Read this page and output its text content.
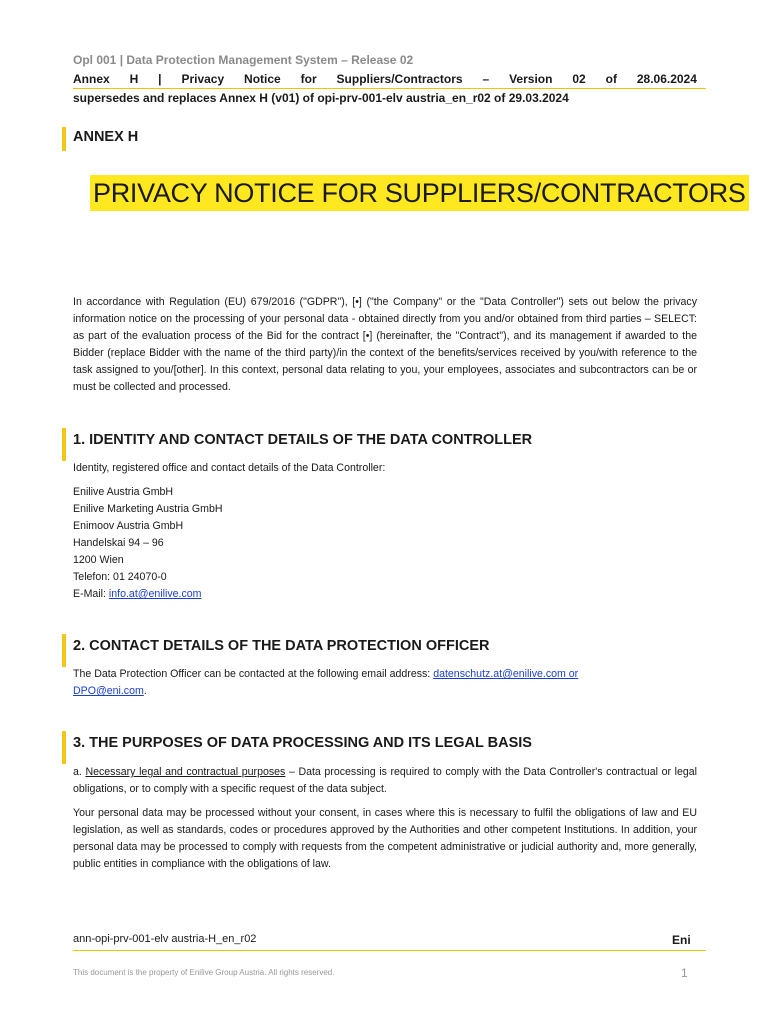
Opl 001 | Data Protection Management System – Release 02
Annex H | Privacy Notice for Suppliers/Contractors – Version 02 of 28.06.2024
supersedes and replaces Annex H (v01) of opi-prv-001-elv austria_en_r02 of 29.03.2024
ANNEX H
PRIVACY NOTICE FOR SUPPLIERS/CONTRACTORS
In accordance with Regulation (EU) 679/2016 ("GDPR"), [•] ("the Company" or the "Data Controller") sets out below the privacy information notice on the processing of your personal data - obtained directly from you and/or obtained from third parties – SELECT: as part of the evaluation process of the Bid for the contract [•] (hereinafter, the "Contract"), and its management if awarded to the Bidder (replace Bidder with the name of the third party)/in the context of the benefits/services received by you/with reference to the task assigned to you/[other]. In this context, personal data relating to you, your employees, associates and subcontractors can be or must be collected and processed.
1. IDENTITY AND CONTACT DETAILS OF THE DATA CONTROLLER
Identity, registered office and contact details of the Data Controller:
Enilive Austria GmbH
Enilive Marketing Austria GmbH
Enimoov Austria GmbH
Handelskai 94 – 96
1200 Wien
Telefon: 01 24070-0
E-Mail: info.at@enilive.com
2. CONTACT DETAILS OF THE DATA PROTECTION OFFICER
The Data Protection Officer can be contacted at the following email address: datenschutz.at@enilive.com or
DPO@eni.com.
3. THE PURPOSES OF DATA PROCESSING AND ITS LEGAL BASIS
a. Necessary legal and contractual purposes – Data processing is required to comply with the Data Controller's contractual or legal obligations, or to comply with a specific request of the data subject.
Your personal data may be processed without your consent, in cases where this is necessary to fulfil the obligations of law and EU legislation, as well as standards, codes or procedures approved by the Authorities and other competent Institutions. In addition, your personal data may be processed to comply with requests from the competent administrative or judicial authority and, more generally, public entities in compliance with the obligations of law.
ann-opi-prv-001-elv austria-H_en_r02	Eni
This document is the property of Enilive Group Austria. All rights reserved.	1
